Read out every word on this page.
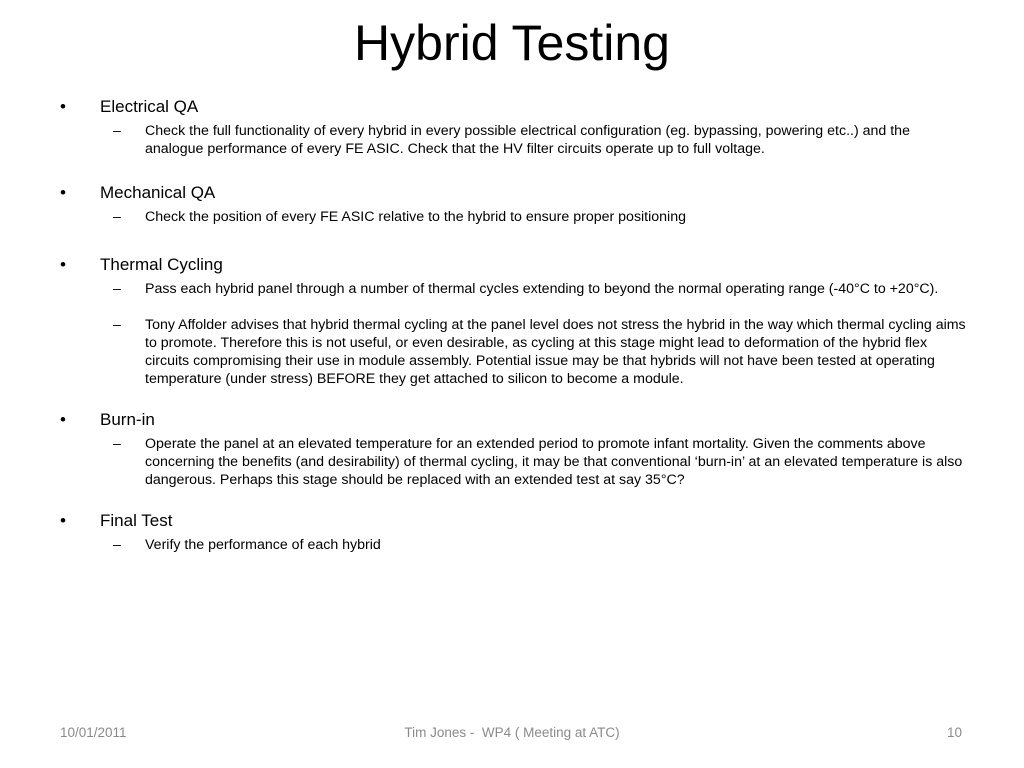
Hybrid Testing
•	Electrical QA
–	Check the full functionality of every hybrid in every possible electrical configuration (eg. bypassing, powering etc..) and the analogue performance of every FE ASIC. Check that the HV filter circuits operate up to full voltage.
•	Mechanical QA
–	Check the position of every FE ASIC relative to the hybrid to ensure proper positioning
•	Thermal Cycling
–	Pass each hybrid panel through a number of thermal cycles extending to beyond the normal operating range (-40°C to +20°C).
–	Tony Affolder advises that hybrid thermal cycling at the panel level does not stress the hybrid in the way which thermal cycling aims to promote. Therefore this is not useful, or even desirable, as cycling at this stage might lead to deformation of the hybrid flex circuits compromising their use in module assembly. Potential issue may be that hybrids will not have been tested at operating temperature (under stress) BEFORE they get attached to silicon to become a module.
•	Burn-in
–	Operate the panel at an elevated temperature for an extended period to promote infant mortality. Given the comments above concerning the benefits (and desirability) of thermal cycling, it may be that conventional ‘burn-in’ at an elevated temperature is also dangerous. Perhaps this stage should be replaced with an extended test at say 35°C?
•	Final Test
–	Verify the performance of each hybrid
10/01/2011	Tim Jones -  WP4 ( Meeting at ATC)	10
